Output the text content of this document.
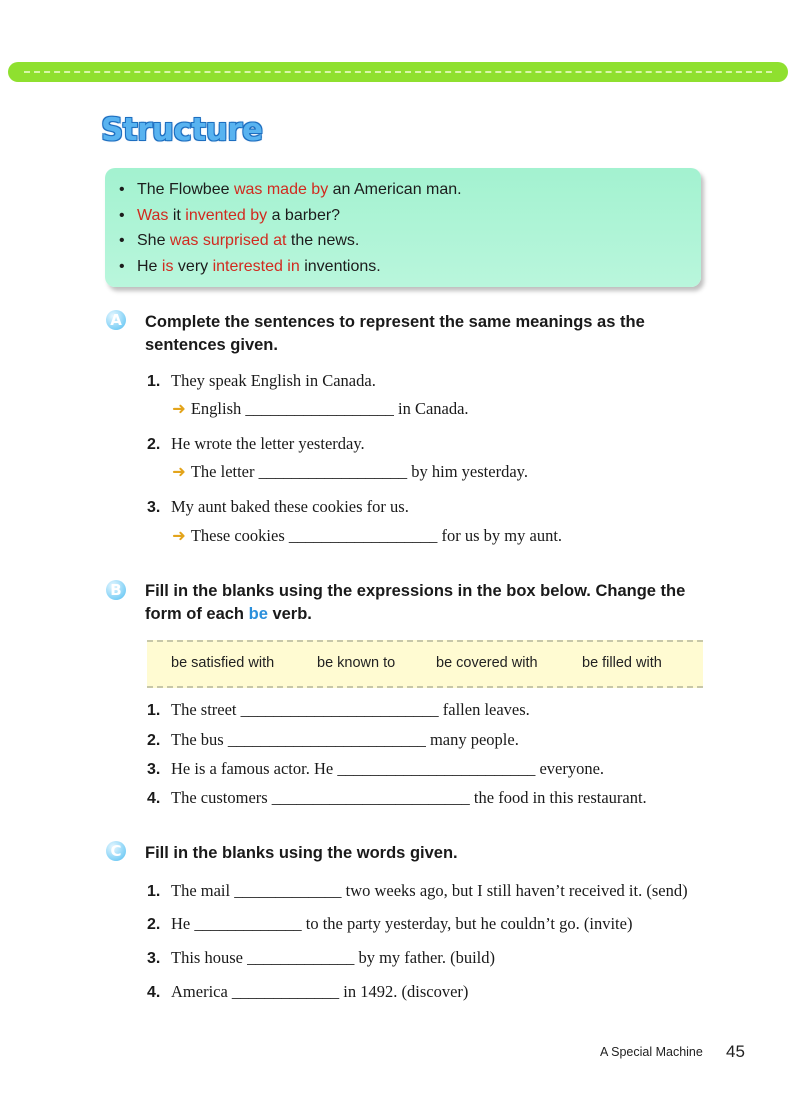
Structure
• The Flowbee was made by an American man.
• Was it invented by a barber?
• She was surprised at the news.
• He is very interested in inventions.
A Complete the sentences to represent the same meanings as the sentences given.
1. They speak English in Canada.
➜ English __________________ in Canada.
2. He wrote the letter yesterday.
➜ The letter __________________ by him yesterday.
3. My aunt baked these cookies for us.
➜ These cookies __________________ for us by my aunt.
B Fill in the blanks using the expressions in the box below. Change the form of each be verb.
be satisfied with	be known to	be covered with	be filled with
1. The street ________________________ fallen leaves.
2. The bus ________________________ many people.
3. He is a famous actor. He ________________________ everyone.
4. The customers ________________________ the food in this restaurant.
C Fill in the blanks using the words given.
1. The mail _____________ two weeks ago, but I still haven’t received it. (send)
2. He _____________ to the party yesterday, but he couldn’t go. (invite)
3. This house _____________ by my father. (build)
4. America _____________ in 1492. (discover)
A Special Machine 45
